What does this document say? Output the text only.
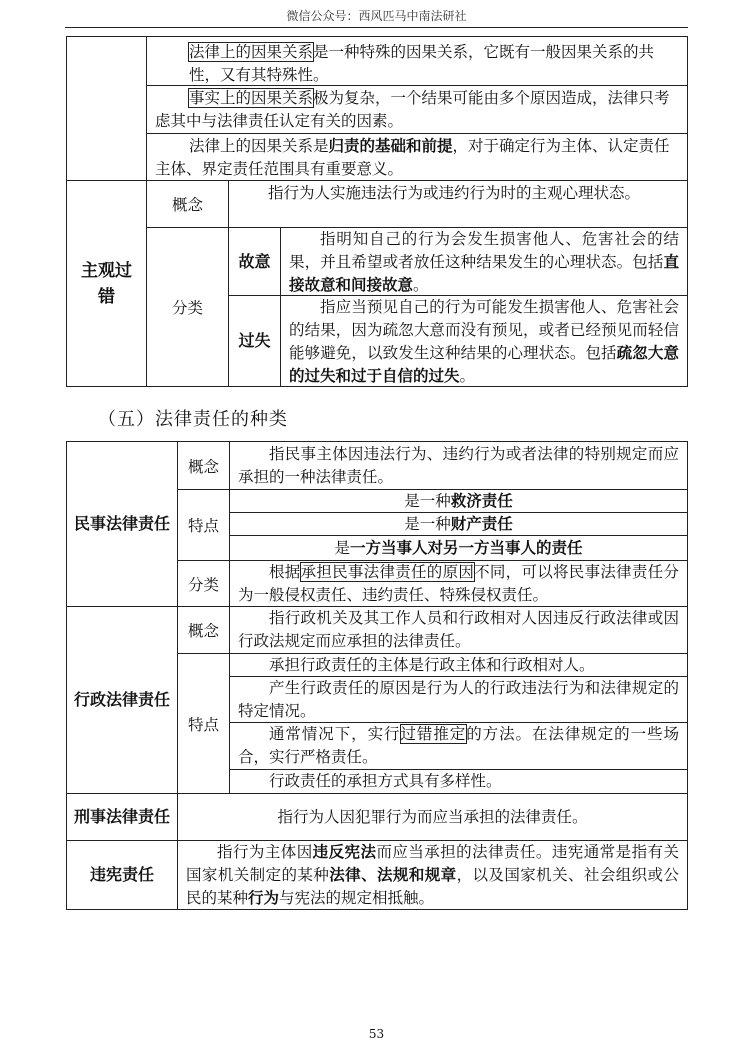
微信公众号：西风匹马中南法研社
法律上的因果关系是一种特殊的因果关系，它既有一般因果关系的共性，又有其特殊性。
事实上的因果关系极为复杂，一个结果可能由多个原因造成，法律只考虑其中与法律责任认定有关的因素。
法律上的因果关系是归责的基础和前提，对于确定行为主体、认定责任主体、界定责任范围具有重要意义。
主观过错
概念
指行为人实施违法行为或违约行为时的主观心理状态。
分类
故意
指明知自己的行为会发生损害他人、危害社会的结果，并且希望或者放任这种结果发生的心理状态。包括直接故意和间接故意。
过失
指应当预见自己的行为可能发生损害他人、危害社会的结果，因为疏忽大意而没有预见，或者已经预见而轻信能够避免，以致发生这种结果的心理状态。包括疏忽大意的过失和过于自信的过失。
（五）法律责任的种类
民事法律责任
概念
指民事主体因违法行为、违约行为或者法律的特别规定而应承担的一种法律责任。
特点
是一种救济责任
是一种财产责任
是一方当事人对另一方当事人的责任
分类
根据承担民事法律责任的原因不同，可以将民事法律责任分为一般侵权责任、违约责任、特殊侵权责任。
行政法律责任
概念
指行政机关及其工作人员和行政相对人因违反行政法律或因行政法规定而应承担的法律责任。
特点
承担行政责任的主体是行政主体和行政相对人。
产生行政责任的原因是行为人的行政违法行为和法律规定的特定情况。
通常情况下，实行过错推定的方法。在法律规定的一些场合，实行严格责任。
行政责任的承担方式具有多样性。
刑事法律责任	指行为人因犯罪行为而应当承担的法律责任。
违宪责任
指行为主体因违反宪法而应当承担的法律责任。违宪通常是指有关国家机关制定的某种法律、法规和规章，以及国家机关、社会组织或公民的某种行为与宪法的规定相抵触。
53
